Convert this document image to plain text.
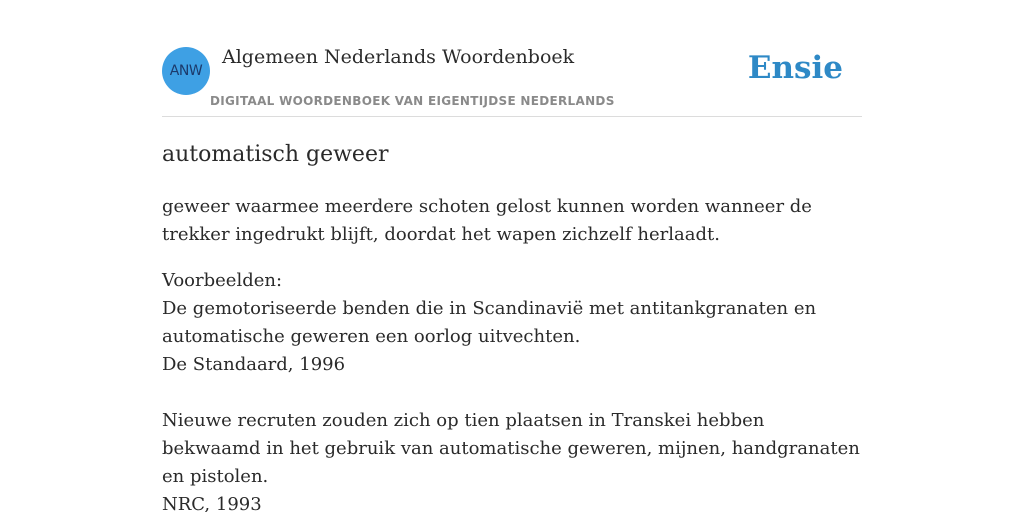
ANW
Algemeen Nederlands Woordenboek
DIGITAAL WOORDENBOEK VAN EIGENTIJDSE NEDERLANDS
Ensie
automatisch geweer

geweer waarmee meerdere schoten gelost kunnen worden wanneer de trekker ingedrukt blijft, doordat het wapen zichzelf herlaadt.

Voorbeelden:
De gemotoriseerde benden die in Scandinavië met antitankgranaten en automatische geweren een oorlog uitvechten.
De Standaard, 1996
Nieuwe recruten zouden zich op tien plaatsen in Transkei hebben bekwaamd in het gebruik van automatische geweren, mijnen, handgranaten en pistolen.
NRC, 1993
